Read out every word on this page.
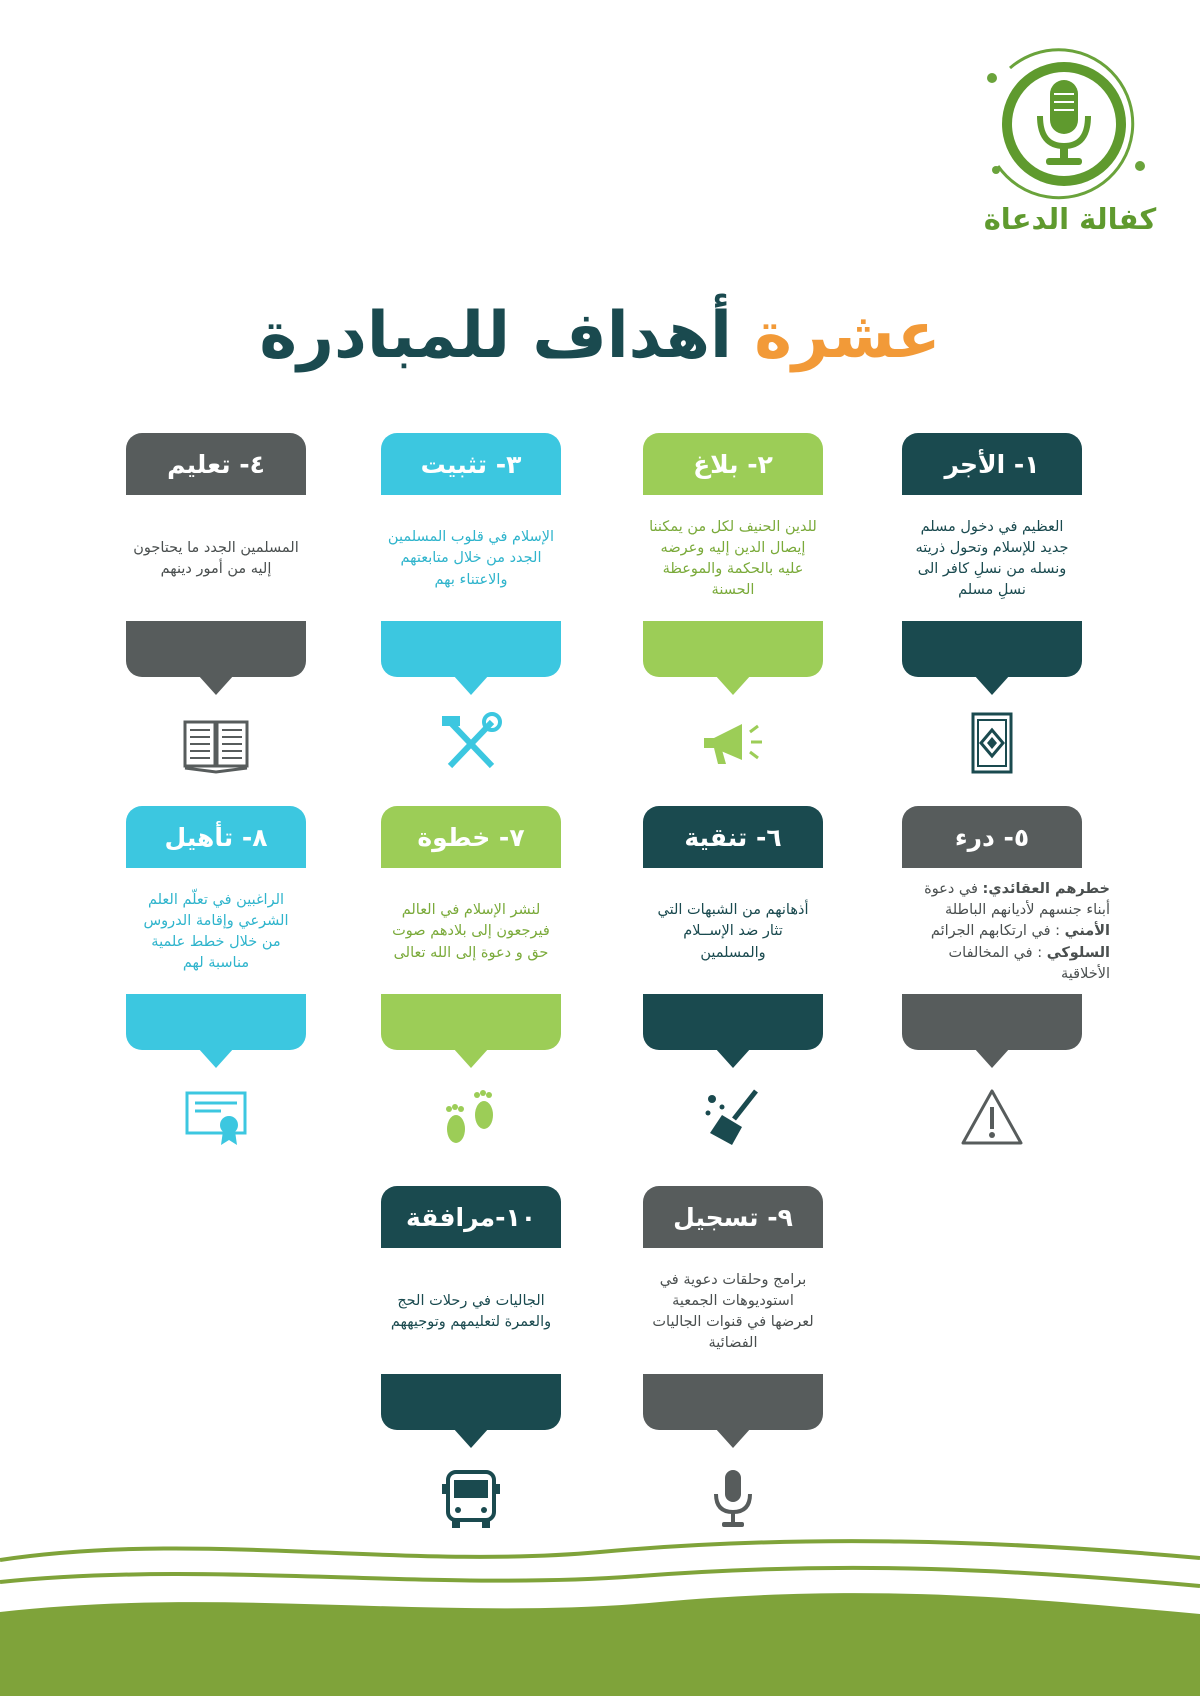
كفالة الدعاة
عشرة أهداف للمبادرة
١- الأجر

العظيم في دخول مسلم جديد للإسلام وتحول ذريته ونسله من نسلِ كافر الى نسلِ مسلم

٢- بلاغ

للدين الحنيف لكل من يمكننا إيصال الدين إليه وعرضه عليه بالحكمة والموعظة الحسنة

٣- تثبيت

الإسلام في قلوب المسلمين الجدد من خلال متابعتهم والاعتناء بهم

٤- تعليم

المسلمين الجدد ما يحتاجون إليه من أمور دينهم

٥- درء

خطرهم العقائدي: في دعوة أبناء جنسهم لأديانهم الباطلة
الأمني : في ارتكابهم الجرائم
السلوكي : في المخالفات الأخلاقية

٦- تنقية

أذهانهم من الشبهات التي تثار ضد الإســلام والمسلمين

٧- خطوة

لنشر الإسلام في العالم فيرجعون إلى بلادهم صوت حق و دعوة إلى الله تعالى

٨- تأهيل

الراغبين في تعلّم العلم الشرعي وإقامة الدروس من خلال خطط علمية مناسبة لهم

٩- تسجيل

برامج وحلقات دعوية في استوديوهات الجمعية لعرضها في قنوات الجاليات الفضائية

١٠-مرافقة

الجاليات في رحلات الحج والعمرة لتعليمهم وتوجيههم
